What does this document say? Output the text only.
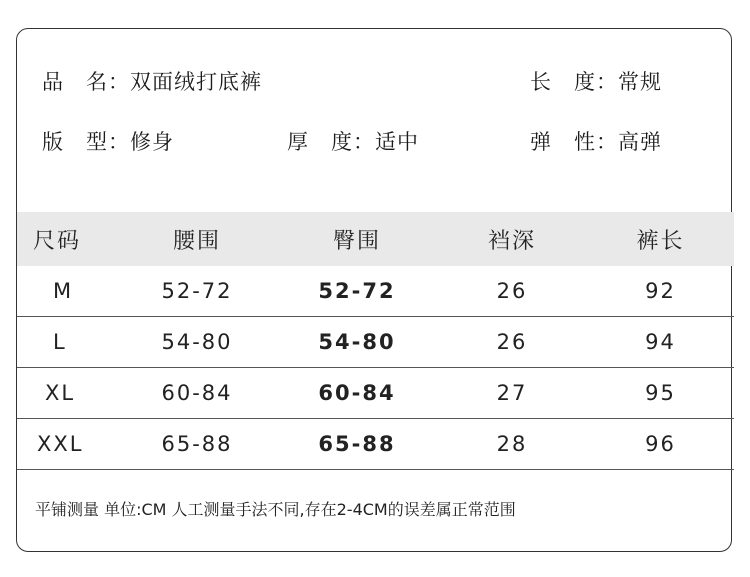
品　名：双面绒打底裤	长　度：常规
版　型：修身	厚　度：适中	弹　性：高弹
尺码	腰围	臀围	裆深	裤长
M	52-72	52-72	26	92
L	54-80	54-80	26	94
XL	60-84	60-84	27	95
XXL	65-88	65-88	28	96
平铺测量 单位:CM 人工测量手法不同,存在2-4CM的误差属正常范围
